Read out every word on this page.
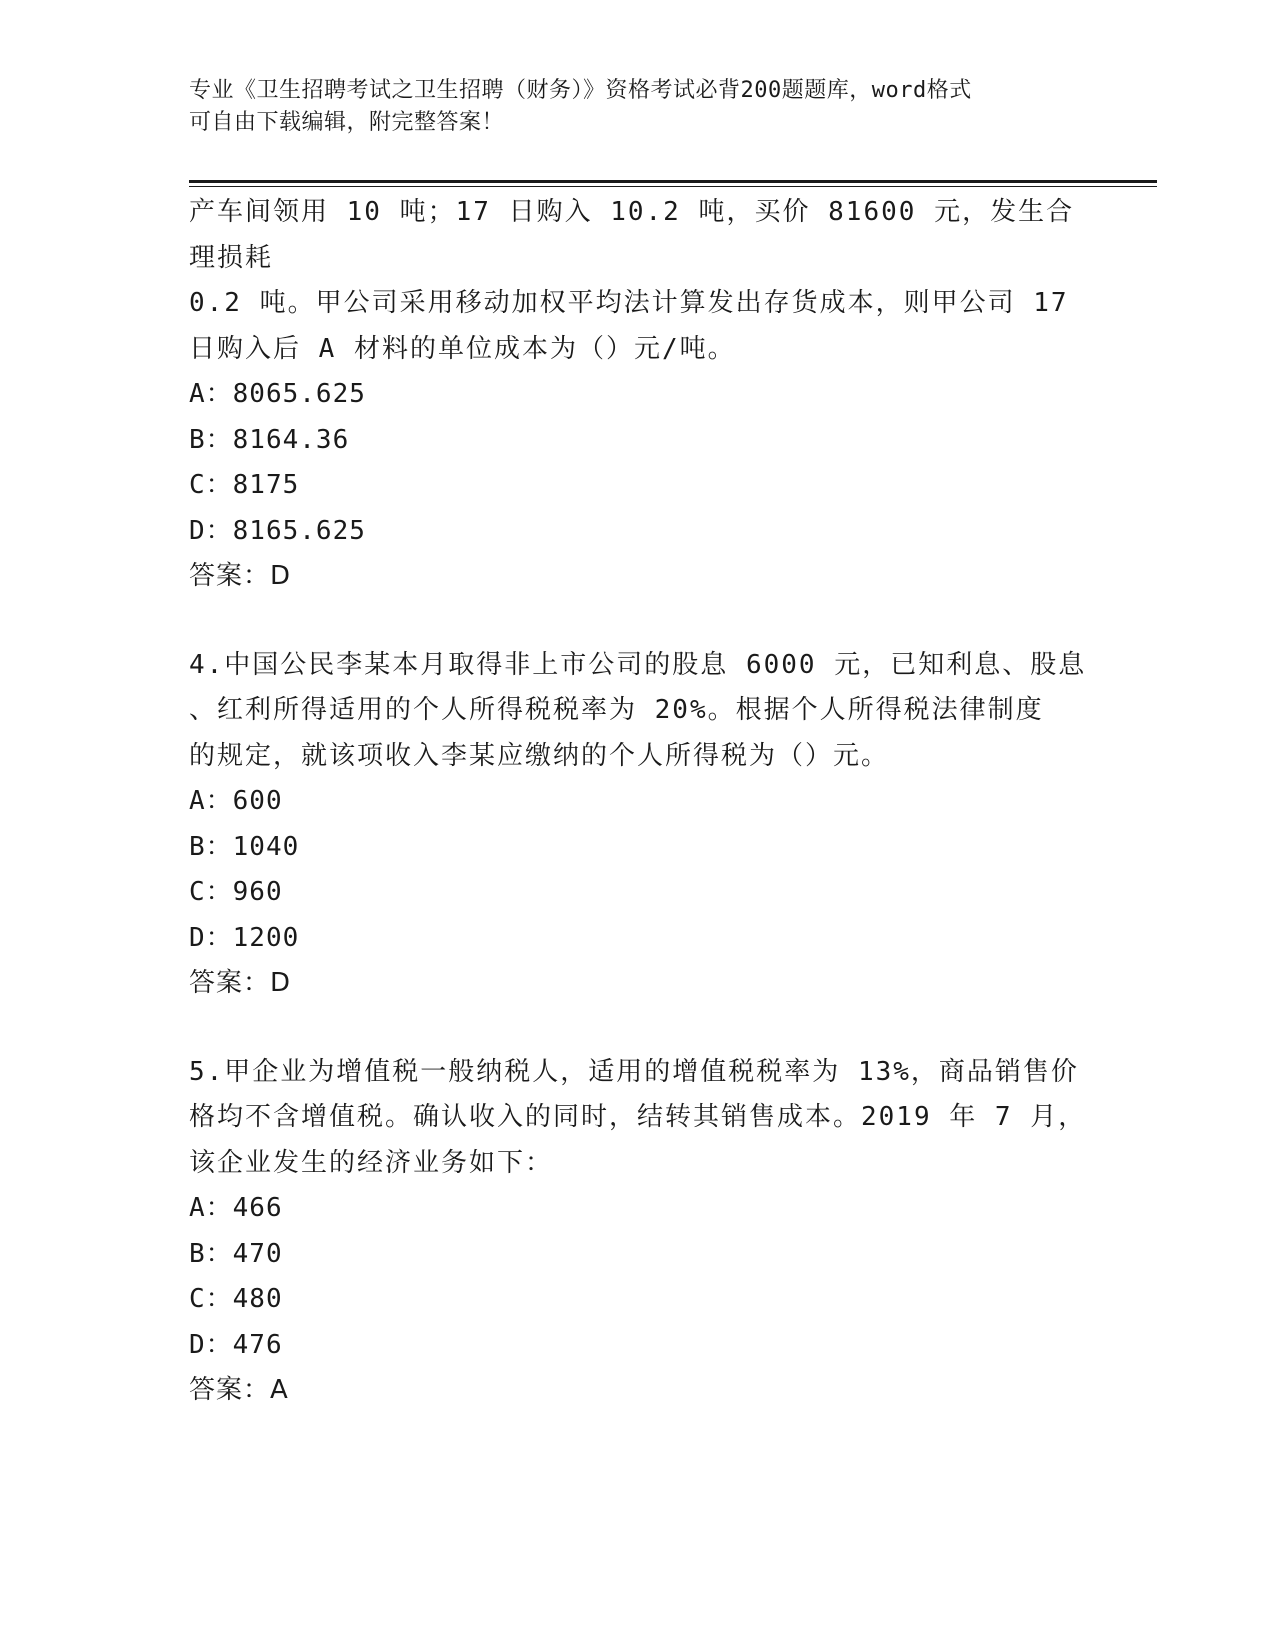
专业《卫生招聘考试之卫生招聘（财务）》资格考试必背200题题库，word格式
可自由下载编辑，附完整答案！

产车间领用 10 吨；17 日购入 10.2 吨，买价 81600 元，发生合理损耗

0.2 吨。甲公司采用移动加权平均法计算发出存货成本，则甲公司 17

日购入后 A 材料的单位成本为（）元/吨。

A：8065.625

B：8164.36

C：8175

D：8165.625

答案：D

4.中国公民李某本月取得非上市公司的股息 6000 元，已知利息、股息

、红利所得适用的个人所得税税率为 20%。根据个人所得税法律制度

的规定，就该项收入李某应缴纳的个人所得税为（）元。

A：600

B：1040

C：960

D：1200

答案：D

5.甲企业为增值税一般纳税人，适用的增值税税率为 13%，商品销售价

格均不含增值税。确认收入的同时，结转其销售成本。2019 年 7 月，

该企业发生的经济业务如下：

A：466

B：470

C：480

D：476

答案：A
